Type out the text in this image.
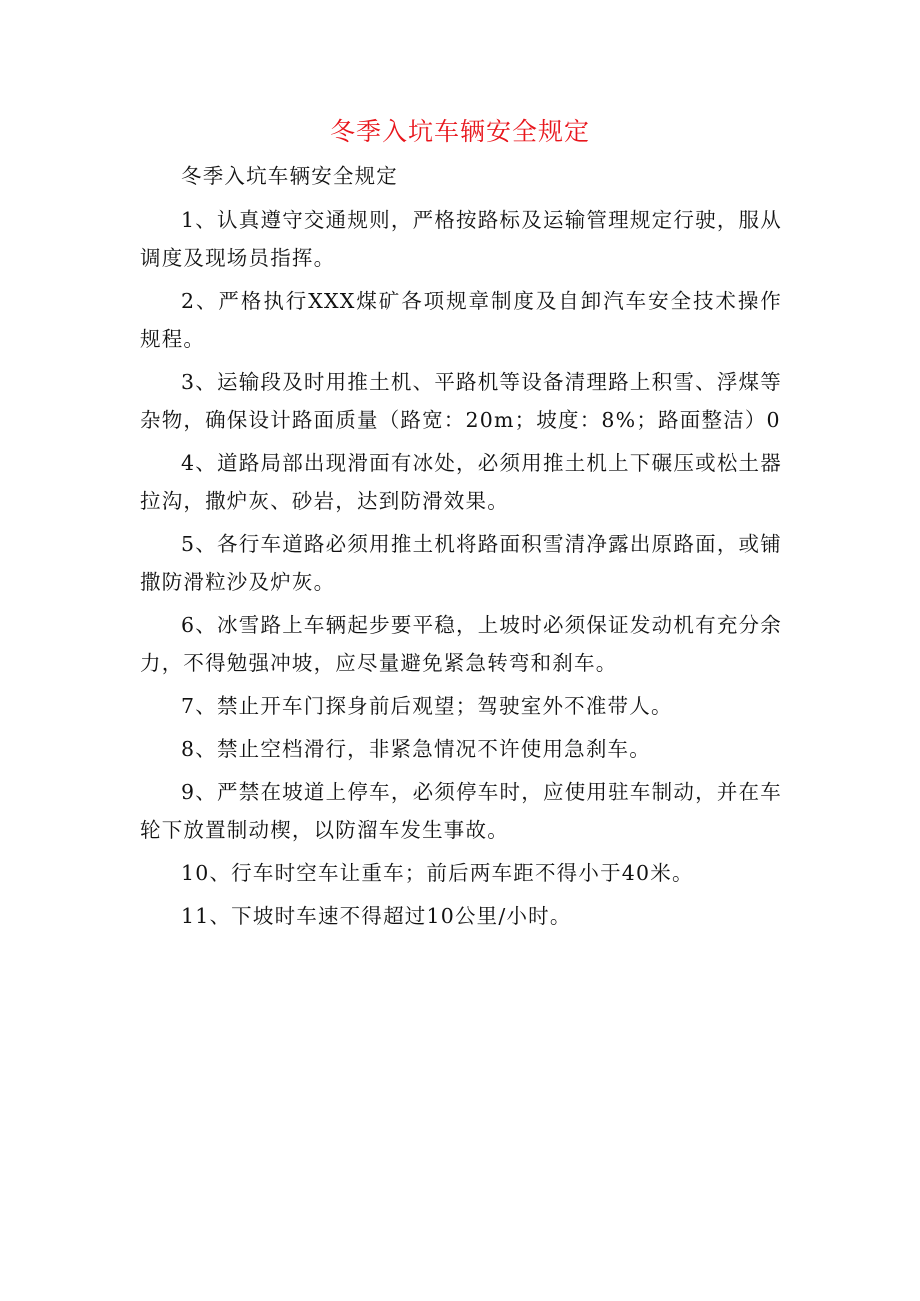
冬季入坑车辆安全规定

冬季入坑车辆安全规定

1、认真遵守交通规则，严格按路标及运输管理规定行驶，服从调度及现场员指挥。

2、严格执行XXX煤矿各项规章制度及自卸汽车安全技术操作规程。

3、运输段及时用推土机、平路机等设备清理路上积雪、浮煤等杂物，确保设计路面质量（路宽：20m；坡度：8%；路面整洁）0

4、道路局部出现滑面有冰处，必须用推土机上下碾压或松土器拉沟，撒炉灰、砂岩，达到防滑效果。

5、各行车道路必须用推土机将路面积雪清净露出原路面，或铺撒防滑粒沙及炉灰。

6、冰雪路上车辆起步要平稳，上坡时必须保证发动机有充分余力，不得勉强冲坡，应尽量避免紧急转弯和刹车。

7、禁止开车门探身前后观望；驾驶室外不准带人。

8、禁止空档滑行，非紧急情况不许使用急刹车。

9、严禁在坡道上停车，必须停车时，应使用驻车制动，并在车轮下放置制动楔，以防溜车发生事故。

10、行车时空车让重车；前后两车距不得小于40米。

11、下坡时车速不得超过10公里/小时。
